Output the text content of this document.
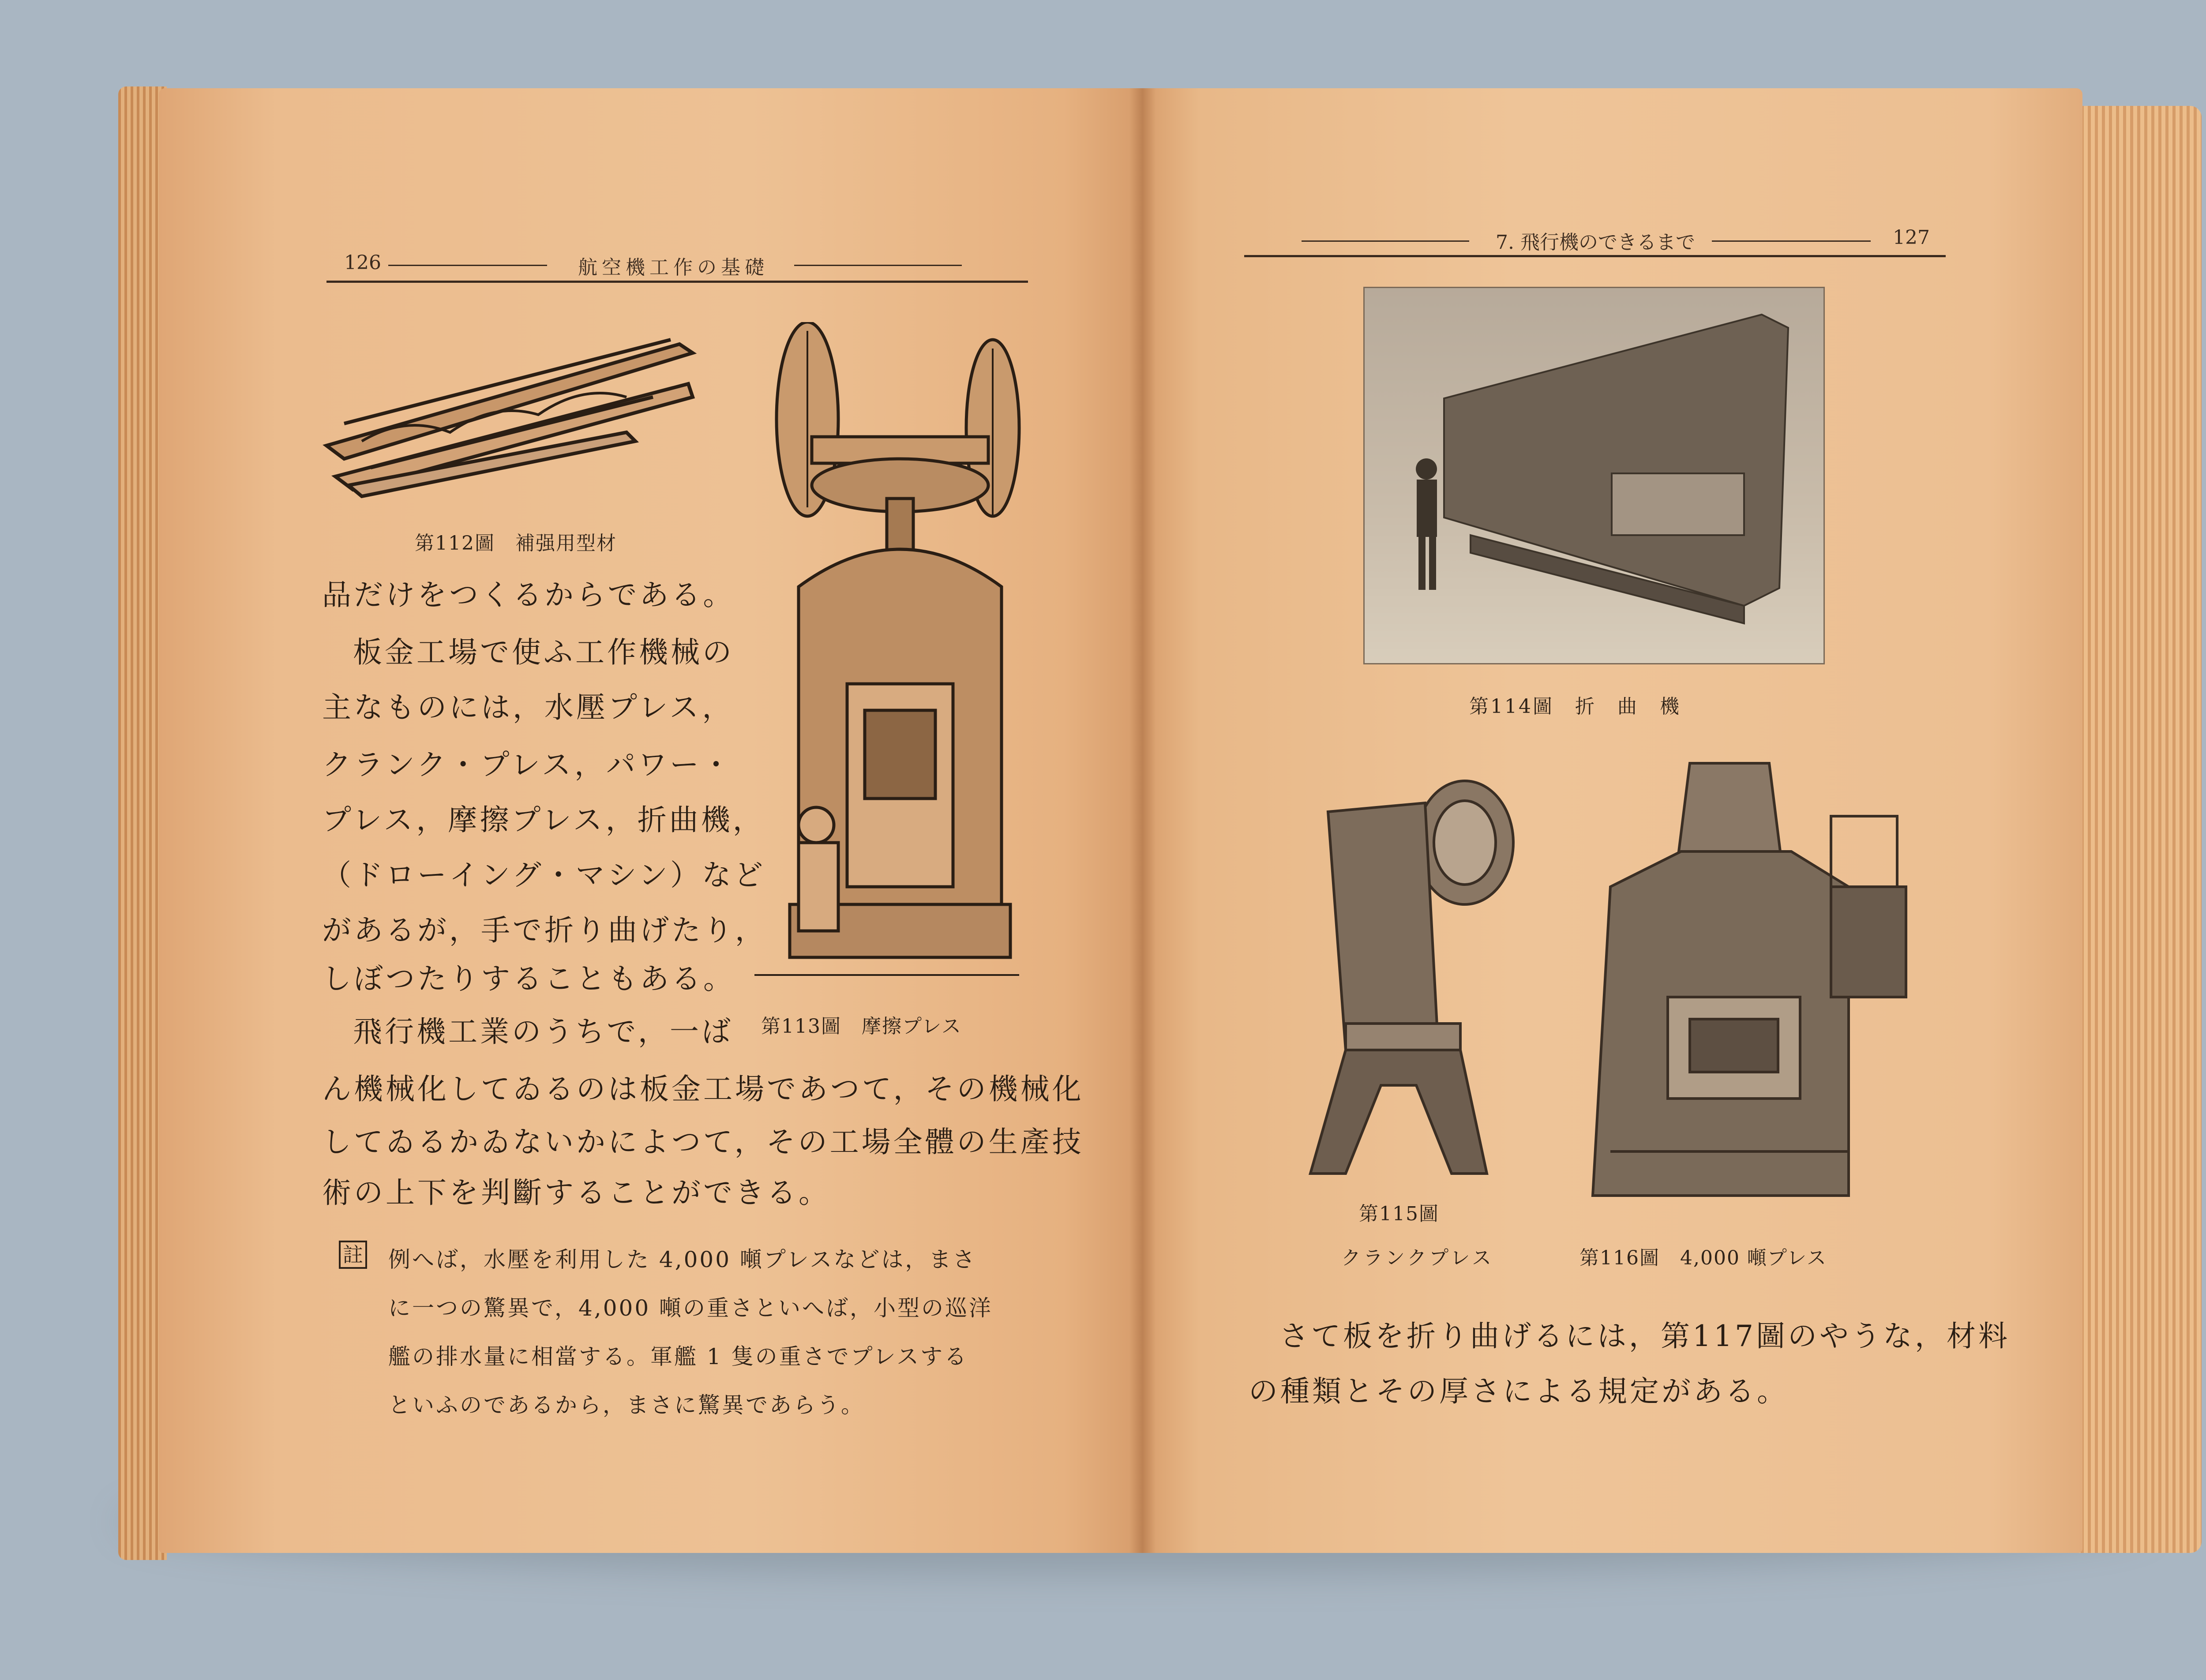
126	航空機工作の基礎
第112圖　補强用型材
第113圖　摩擦プレス
品だけをつくるからである。
板金工場で使ふ工作機械の
主なものには，水壓プレス，
クランク・プレス，パワー・
プレス，摩擦プレス，折曲機，
（ドローイング・マシン）など
があるが，手で折り曲げたり，
しぼつたりすることもある。
飛行機工業のうちで，一ば
ん機械化してゐるのは板金工場であつて，その機械化
してゐるかゐないかによつて，その工場全體の生產技
術の上下を判斷することができる。
註 例へば，水壓を利用した 4,000 噸プレスなどは，まさ
に一つの驚異で，4,000 噸の重さといへば，小型の巡洋
艦の排水量に相當する。軍艦 1 隻の重さでプレスする
といふのであるから，まさに驚異であらう。
7. 飛行機のできるまで	127
第114圖　折　曲　機
第115圖
クランクプレス	第116圖　4,000 噸プレス
さて板を折り曲げるには，第117圖のやうな，材料
の種類とその厚さによる規定がある。
